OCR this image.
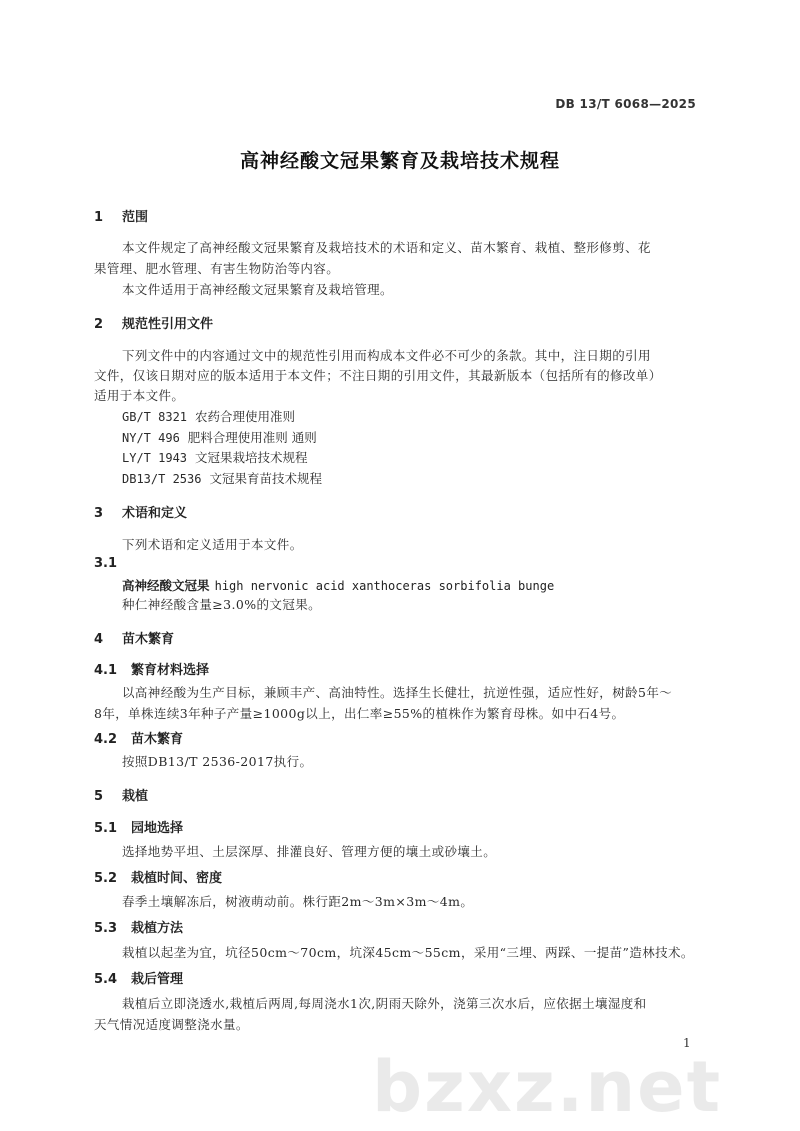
DB 13/T 6068—2025
高神经酸文冠果繁育及栽培技术规程
1 范围
本文件规定了高神经酸文冠果繁育及栽培技术的术语和定义、苗木繁育、栽植、整形修剪、花
果管理、肥水管理、有害生物防治等内容。
本文件适用于高神经酸文冠果繁育及栽培管理。
2 规范性引用文件
下列文件中的内容通过文中的规范性引用而构成本文件必不可少的条款。其中，注日期的引用
文件，仅该日期对应的版本适用于本文件；不注日期的引用文件，其最新版本（包括所有的修改单）
适用于本文件。
GB/T 8321 农药合理使用准则
NY/T 496 肥料合理使用准则 通则
LY/T 1943 文冠果栽培技术规程
DB13/T 2536 文冠果育苗技术规程
3 术语和定义
下列术语和定义适用于本文件。
3.1
高神经酸文冠果 high nervonic acid xanthoceras sorbifolia bunge
种仁神经酸含量≥3.0%的文冠果。
4 苗木繁育
4.1 繁育材料选择
以高神经酸为生产目标，兼顾丰产、高油特性。选择生长健壮，抗逆性强，适应性好，树龄5年～
8年，单株连续3年种子产量≥1000g以上，出仁率≥55%的植株作为繁育母株。如中石4号。
4.2 苗木繁育
按照DB13/T 2536-2017执行。
5 栽植
5.1 园地选择
选择地势平坦、土层深厚、排灌良好、管理方便的壤土或砂壤土。
5.2 栽植时间、密度
春季土壤解冻后，树液萌动前。株行距2m～3m×3m～4m。
5.3 栽植方法
栽植以起垄为宜，坑径50cm～70cm，坑深45cm～55cm，采用“三埋、两踩、一提苗”造林技术。
5.4 栽后管理
栽植后立即浇透水,栽植后两周,每周浇水1次,阴雨天除外，浇第三次水后，应依据土壤湿度和
天气情况适度调整浇水量。
bzxz.net
1
